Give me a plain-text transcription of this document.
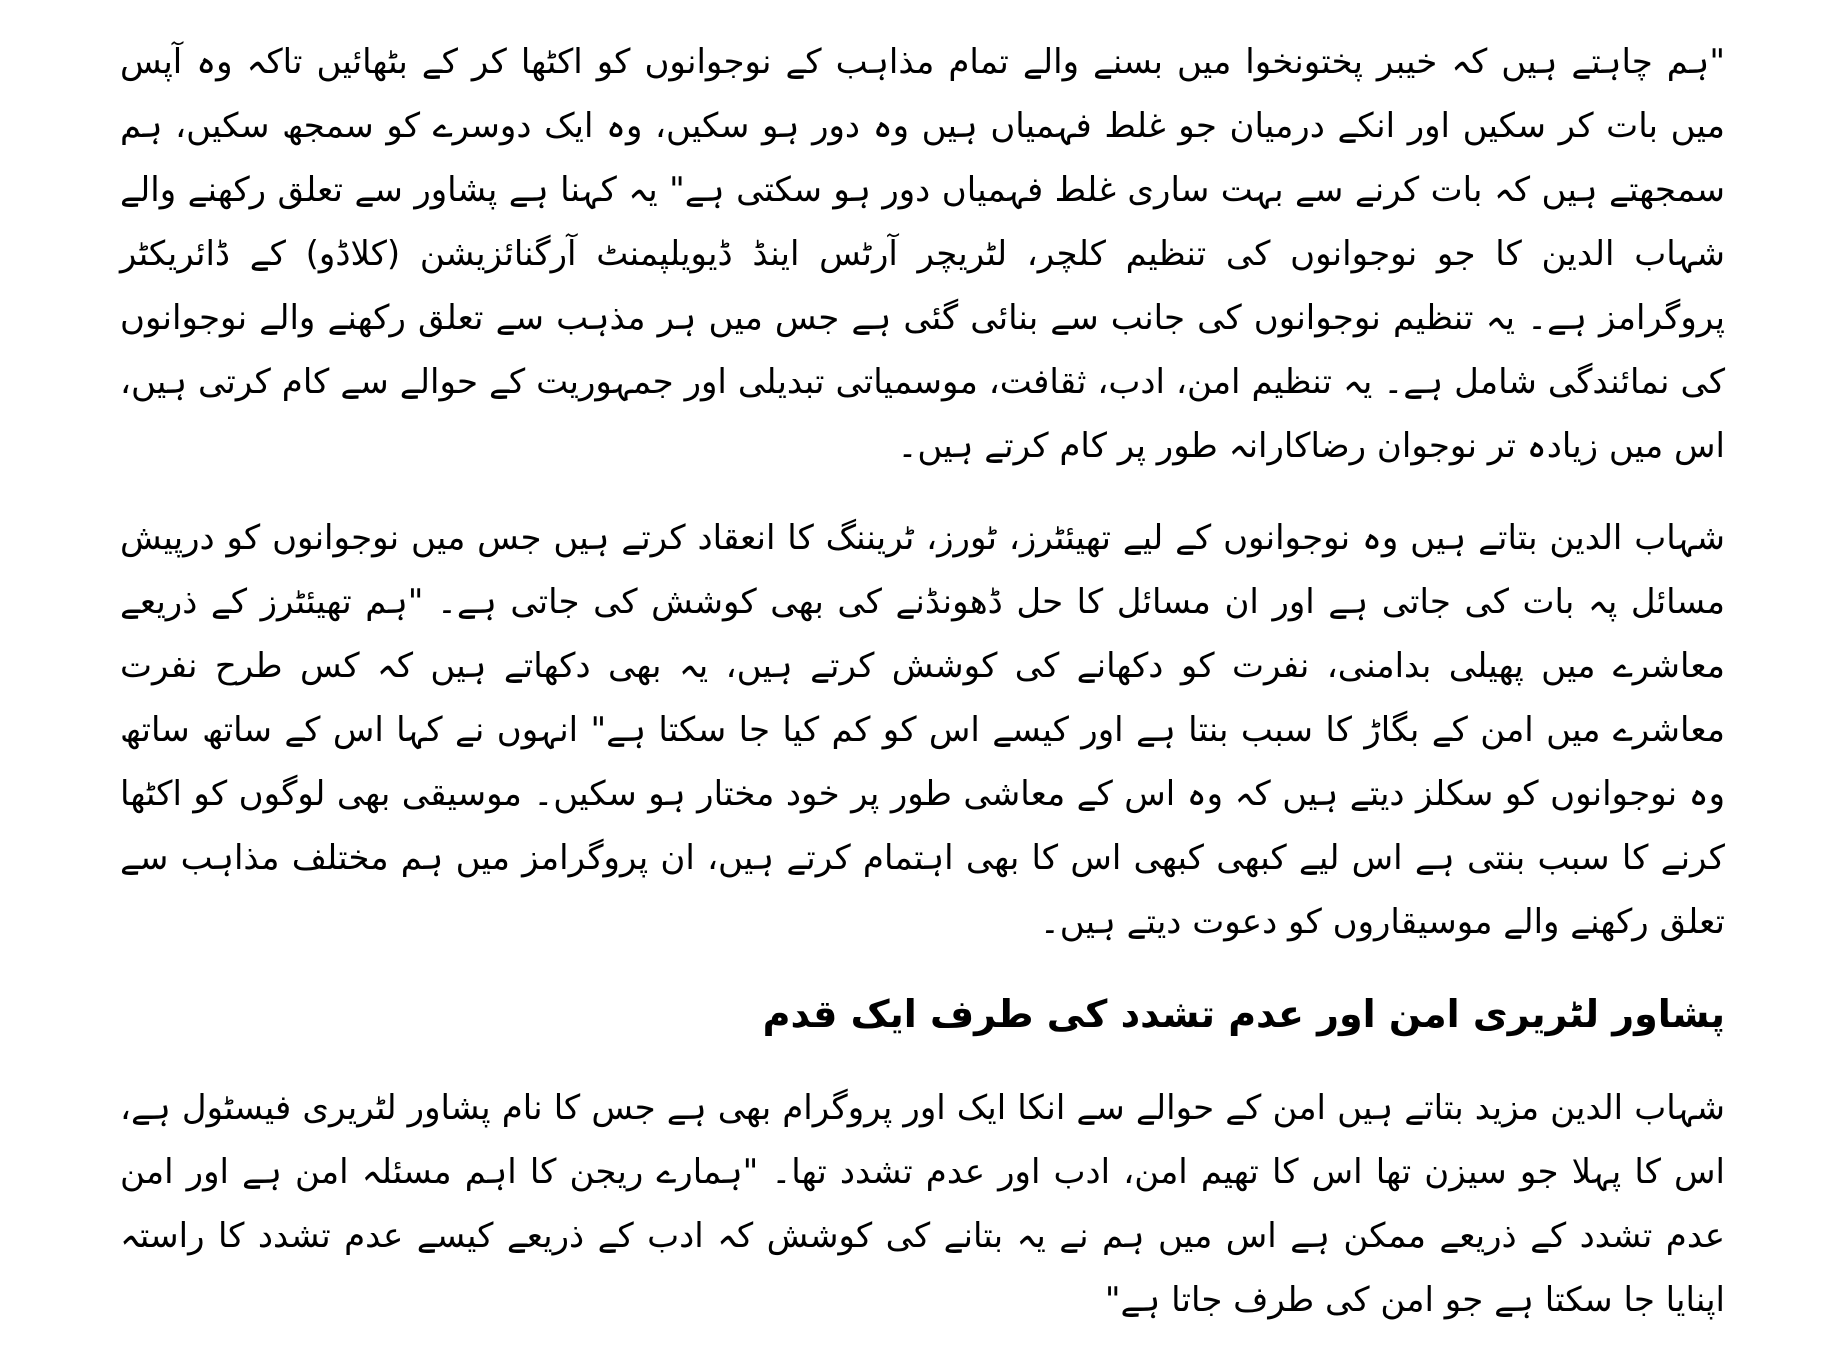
"ہم چاہتے ہیں کہ خیبر پختونخوا میں بسنے والے تمام مذاہب کے نوجوانوں کو اکٹھا کر کے بٹھائیں تاکہ وہ آپس میں بات کر سکیں اور انکے درمیان جو غلط فہمیاں ہیں وہ دور ہو سکیں، وہ ایک دوسرے کو سمجھ سکیں، ہم سمجھتے ہیں کہ بات کرنے سے بہت ساری غلط فہمیاں دور ہو سکتی ہے" یہ کہنا ہے پشاور سے تعلق رکھنے والے شہاب الدین کا جو نوجوانوں کی تنظیم کلچر، لٹریچر آرٹس اینڈ ڈیویلپمنٹ آرگنائزیشن (کلاڈو) کے ڈائریکٹر پروگرامز ہے۔ یہ تنظیم نوجوانوں کی جانب سے بنائی گئی ہے جس میں ہر مذہب سے تعلق رکھنے والے نوجوانوں کی نمائندگی شامل ہے۔ یہ تنظیم امن، ادب، ثقافت، موسمیاتی تبدیلی اور جمہوریت کے حوالے سے کام کرتی ہیں، اس میں زیادہ تر نوجوان رضاکارانہ طور پر کام کرتے ہیں۔

شہاب الدین بتاتے ہیں وہ نوجوانوں کے لیے تھیئٹرز، ٹورز، ٹریننگ کا انعقاد کرتے ہیں جس میں نوجوانوں کو درپیش مسائل پہ بات کی جاتی ہے اور ان مسائل کا حل ڈھونڈنے کی بھی کوشش کی جاتی ہے۔ "ہم تھیئٹرز کے ذریعے معاشرے میں پھیلی بدامنی، نفرت کو دکھانے کی کوشش کرتے ہیں، یہ بھی دکھاتے ہیں کہ کس طرح نفرت معاشرے میں امن کے بگاڑ کا سبب بنتا ہے اور کیسے اس کو کم کیا جا سکتا ہے" انہوں نے کہا اس کے ساتھ ساتھ وہ نوجوانوں کو سکلز دیتے ہیں کہ وہ اس کے معاشی طور پر خود مختار ہو سکیں۔ موسیقی بھی لوگوں کو اکٹھا کرنے کا سبب بنتی ہے اس لیے کبھی کبھی اس کا بھی اہتمام کرتے ہیں، ان پروگرامز میں ہم مختلف مذاہب سے تعلق رکھنے والے موسیقاروں کو دعوت دیتے ہیں۔

پشاور لٹریری امن اور عدم تشدد کی طرف ایک قدم

شہاب الدین مزید بتاتے ہیں امن کے حوالے سے انکا ایک اور پروگرام بھی ہے جس کا نام پشاور لٹریری فیسٹول ہے، اس کا پہلا جو سیزن تھا اس کا تھیم امن، ادب اور عدم تشدد تھا۔ "ہمارے ریجن کا اہم مسئلہ امن ہے اور امن عدم تشدد کے ذریعے ممکن ہے اس میں ہم نے یہ بتانے کی کوشش کہ ادب کے ذریعے کیسے عدم تشدد کا راستہ اپنایا جا سکتا ہے جو امن کی طرف جاتا ہے"
